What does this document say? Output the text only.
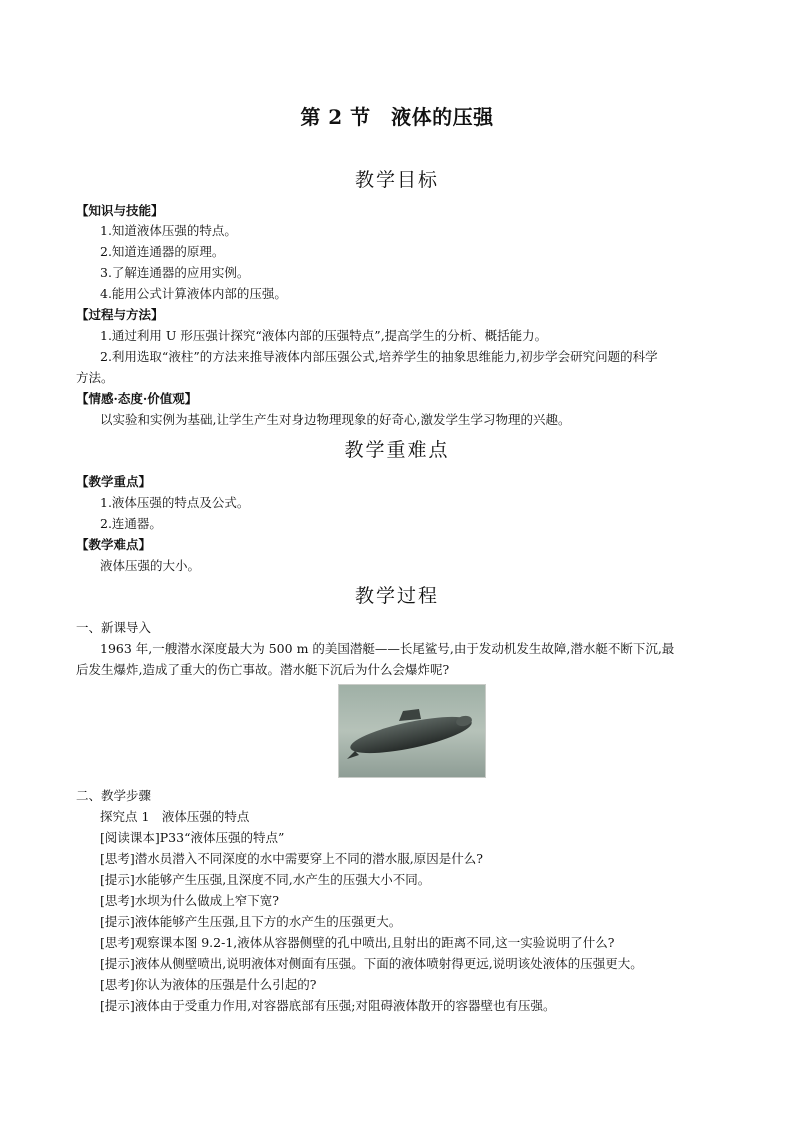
第 2 节　液体的压强
教学目标
【知识与技能】
1.知道液体压强的特点。
2.知道连通器的原理。
3.了解连通器的应用实例。
4.能用公式计算液体内部的压强。
【过程与方法】
1.通过利用 U 形压强计探究“液体内部的压强特点”,提高学生的分析、概括能力。
2.利用选取“液柱”的方法来推导液体内部压强公式,培养学生的抽象思维能力,初步学会研究问题的科学
方法。
【情感·态度·价值观】
以实验和实例为基础,让学生产生对身边物理现象的好奇心,激发学生学习物理的兴趣。
教学重难点
【教学重点】
1.液体压强的特点及公式。
2.连通器。
【教学难点】
液体压强的大小。
教学过程
一、新课导入
1963 年,一艘潜水深度最大为 500 m 的美国潜艇——长尾鲨号,由于发动机发生故障,潜水艇不断下沉,最
后发生爆炸,造成了重大的伤亡事故。潜水艇下沉后为什么会爆炸呢?
二、教学步骤
探究点 1　液体压强的特点
[阅读课本]P33“液体压强的特点”
[思考]潜水员潜入不同深度的水中需要穿上不同的潜水服,原因是什么?
[提示]水能够产生压强,且深度不同,水产生的压强大小不同。
[思考]水坝为什么做成上窄下宽?
[提示]液体能够产生压强,且下方的水产生的压强更大。
[思考]观察课本图 9.2-1,液体从容器侧壁的孔中喷出,且射出的距离不同,这一实验说明了什么?
[提示]液体从侧壁喷出,说明液体对侧面有压强。下面的液体喷射得更远,说明该处液体的压强更大。
[思考]你认为液体的压强是什么引起的?
[提示]液体由于受重力作用,对容器底部有压强;对阻碍液体散开的容器壁也有压强。
